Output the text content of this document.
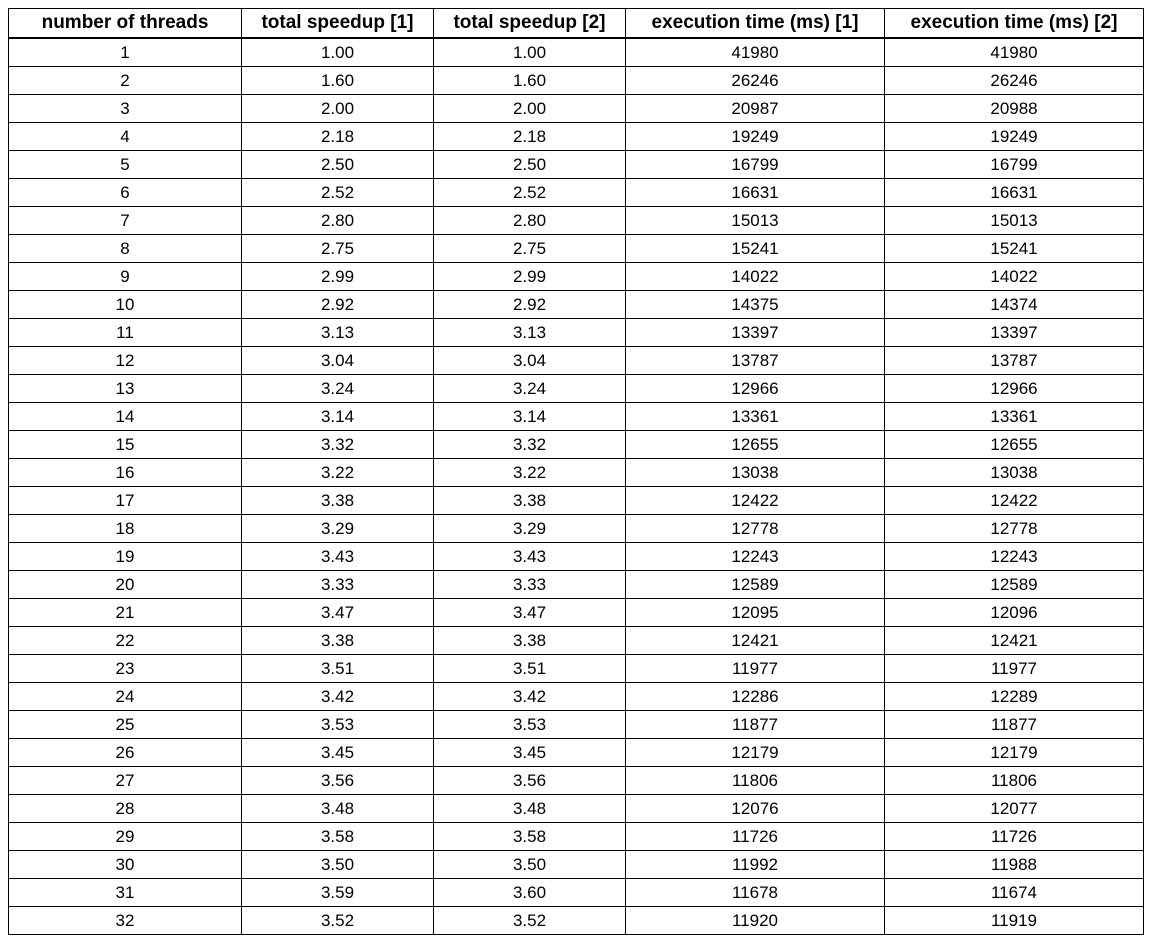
number of threads	total speedup [1]	total speedup [2]	execution time (ms) [1]	execution time (ms) [2]
1	1.00	1.00	41980	41980
2	1.60	1.60	26246	26246
3	2.00	2.00	20987	20988
4	2.18	2.18	19249	19249
5	2.50	2.50	16799	16799
6	2.52	2.52	16631	16631
7	2.80	2.80	15013	15013
8	2.75	2.75	15241	15241
9	2.99	2.99	14022	14022
10	2.92	2.92	14375	14374
11	3.13	3.13	13397	13397
12	3.04	3.04	13787	13787
13	3.24	3.24	12966	12966
14	3.14	3.14	13361	13361
15	3.32	3.32	12655	12655
16	3.22	3.22	13038	13038
17	3.38	3.38	12422	12422
18	3.29	3.29	12778	12778
19	3.43	3.43	12243	12243
20	3.33	3.33	12589	12589
21	3.47	3.47	12095	12096
22	3.38	3.38	12421	12421
23	3.51	3.51	11977	11977
24	3.42	3.42	12286	12289
25	3.53	3.53	11877	11877
26	3.45	3.45	12179	12179
27	3.56	3.56	11806	11806
28	3.48	3.48	12076	12077
29	3.58	3.58	11726	11726
30	3.50	3.50	11992	11988
31	3.59	3.60	11678	11674
32	3.52	3.52	11920	11919
